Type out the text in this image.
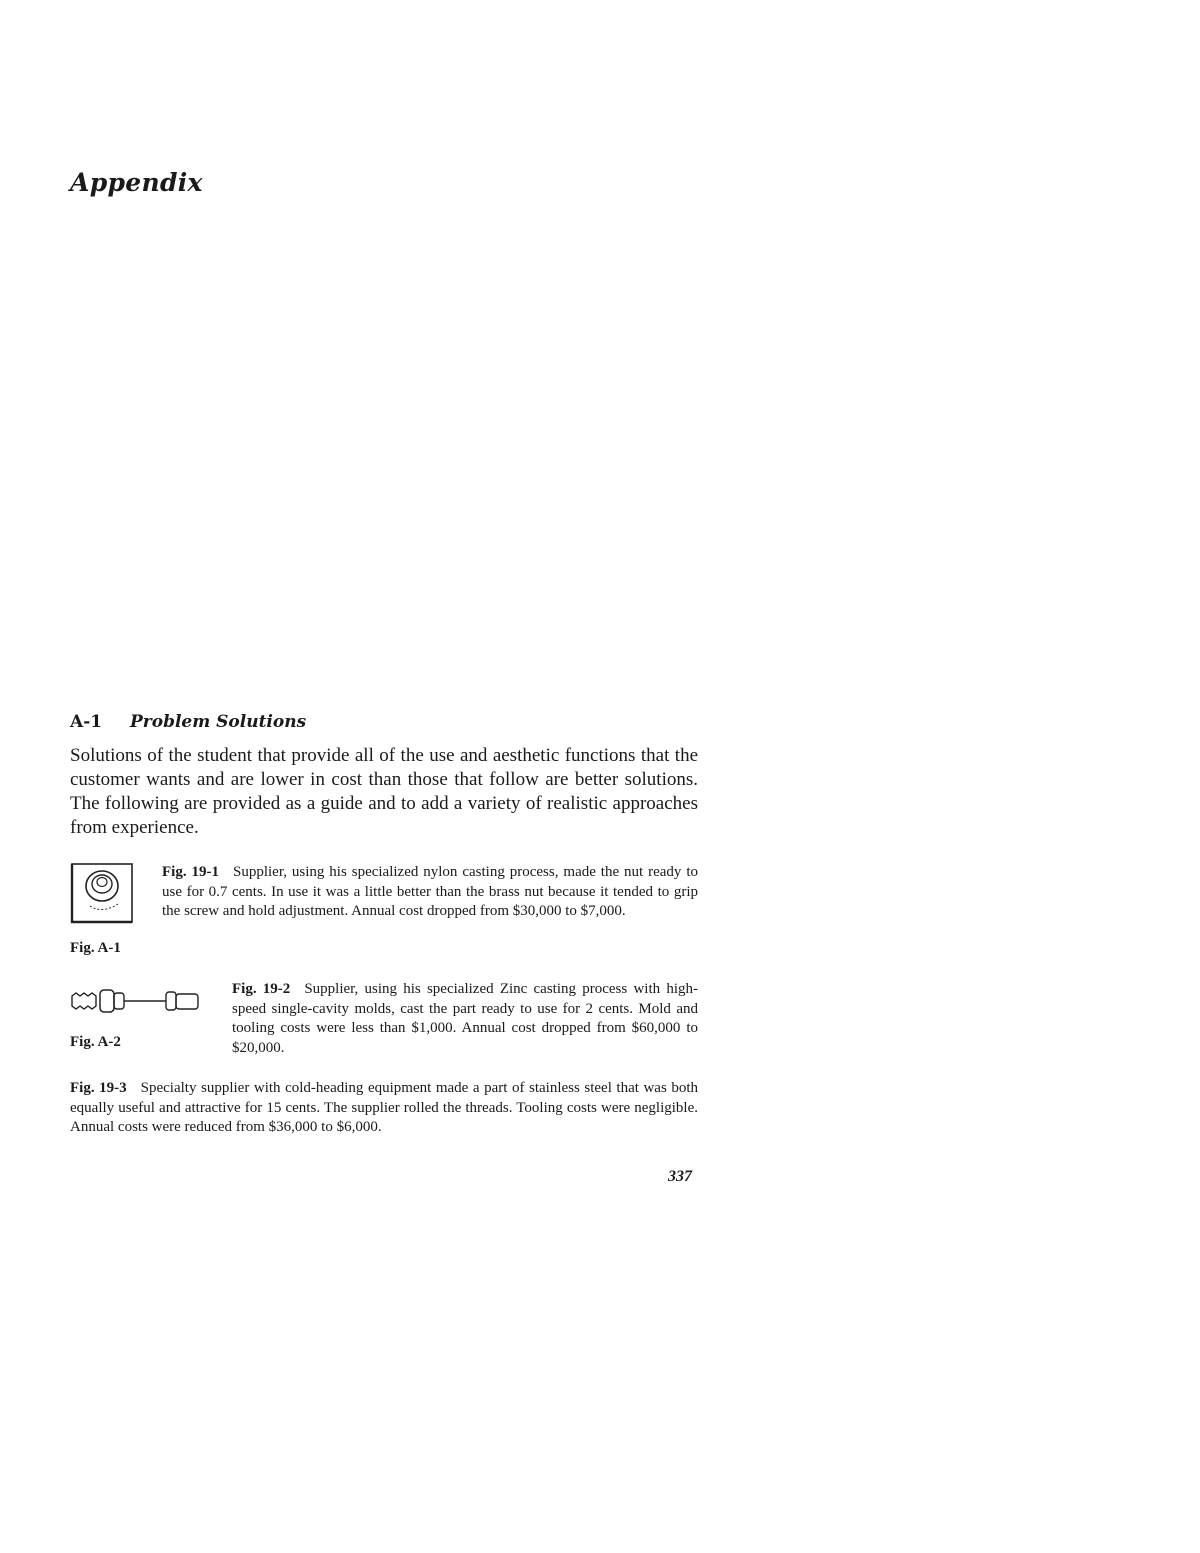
Appendix
A-1 Problem Solutions

Solutions of the student that provide all of the use and aesthetic functions that the customer wants and are lower in cost than those that follow are better solutions. The following are provided as a guide and to add a variety of realistic approaches from experience.

Fig. 19-1 Supplier, using his specialized nylon casting process, made the nut ready to use for 0.7 cents. In use it was a little better than the brass nut because it tended to grip the screw and hold adjustment. Annual cost dropped from $30,000 to $7,000.

Fig. A-1

Fig. 19-2 Supplier, using his specialized Zinc casting process with high-speed single-cavity molds, cast the part ready to use for 2 cents. Mold and tooling costs were less than $1,000. Annual cost dropped from $60,000 to $20,000.

Fig. A-2

Fig. 19-3 Specialty supplier with cold-heading equipment made a part of stainless steel that was both equally useful and attractive for 15 cents. The supplier rolled the threads. Tooling costs were negligible. Annual costs were reduced from $36,000 to $6,000.

337
